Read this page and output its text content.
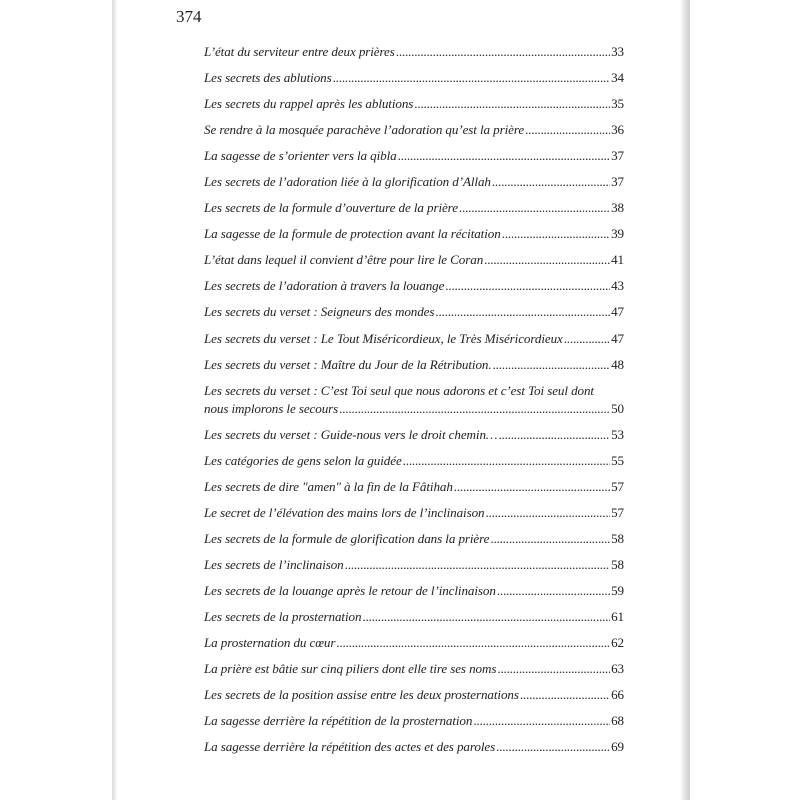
374
L’état du serviteur entre deux prières .....	33
Les secrets des ablutions .....	34
Les secrets du rappel après les ablutions .....	35
Se rendre à la mosquée parachève l’adoration qu’est la prière .....	36
La sagesse de s’orienter vers la qibla .....	37
Les secrets de l’adoration liée à la glorification d’Allah .....	37
Les secrets de la formule d’ouverture de la prière .....	38
La sagesse de la formule de protection avant la récitation .....	39
L’état dans lequel il convient d’être pour lire le Coran .....	41
Les secrets de l’adoration à travers la louange .....	43
Les secrets du verset : Seigneurs des mondes .....	47
Les secrets du verset : Le Tout Miséricordieux, le Très Miséricordieux .....	47
Les secrets du verset : Maître du Jour de la Rétribution. .....	48
Les secrets du verset : C’est Toi seul que nous adorons et c’est Toi seul dont
nous implorons le secours .....	50
Les secrets du verset : Guide-nous vers le droit chemin… .....	53
Les catégories de gens selon la guidée .....	55
Les secrets de dire "amen" à la fin de la Fâtihah .....	57
Le secret de l’élévation des mains lors de l’inclinaison .....	57
Les secrets de la formule de glorification dans la prière .....	58
Les secrets de l’inclinaison .....	58
Les secrets de la louange après le retour de l’inclinaison .....	59
Les secrets de la prosternation .....	61
La prosternation du cœur .....	62
La prière est bâtie sur cinq piliers dont elle tire ses noms .....	63
Les secrets de la position assise entre les deux prosternations .....	66
La sagesse derrière la répétition de la prosternation .....	68
La sagesse derrière la répétition des actes et des paroles .....	69
